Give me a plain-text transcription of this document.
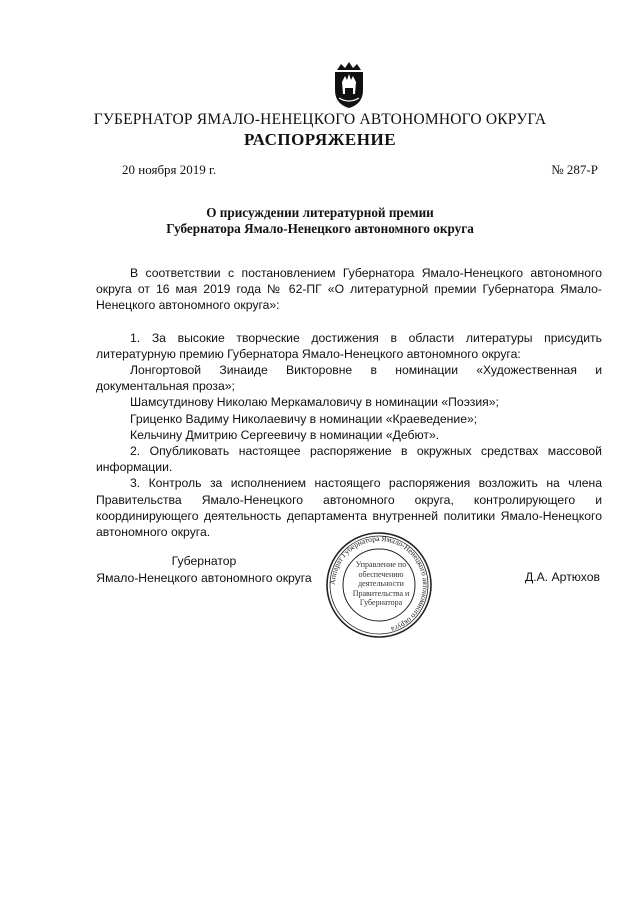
ГУБЕРНАТОР ЯМАЛО-НЕНЕЦКОГО АВТОНОМНОГО ОКРУГА
РАСПОРЯЖЕНИЕ
20 ноября 2019 г.	№ 287-Р
О присуждении литературной премии
Губернатора Ямало-Ненецкого автономного округа

В соответствии с постановлением Губернатора Ямало-Ненецкого автономного округа от 16 мая 2019 года № 62-ПГ «О литературной премии Губернатора Ямало-Ненецкого автономного округа»:

1. За высокие творческие достижения в области литературы присудить литературную премию Губернатора Ямало-Ненецкого автономного округа:

Лонгортовой Зинаиде Викторовне в номинации «Художественная и документальная проза»;

Шамсутдинову Николаю Меркамаловичу в номинации «Поэзия»;

Гриценко Вадиму Николаевичу в номинации «Краеведение»;

Кельчину Дмитрию Сергеевичу в номинации «Дебют».

2. Опубликовать настоящее распоряжение в окружных средствах массовой информации.

3. Контроль за исполнением настоящего распоряжения возложить на члена Правительства Ямало-Ненецкого автономного округа, контролирующего и координирующего деятельность департамента внутренней политики Ямало-Ненецкого автономного округа.

Аппарат Губернатора Ямало-Ненецкого автономного округа
Управление по обеспечению деятельности Правительства и Губернатора
Губернатор
Ямало-Ненецкого автономного округа	Д.А. Артюхов
